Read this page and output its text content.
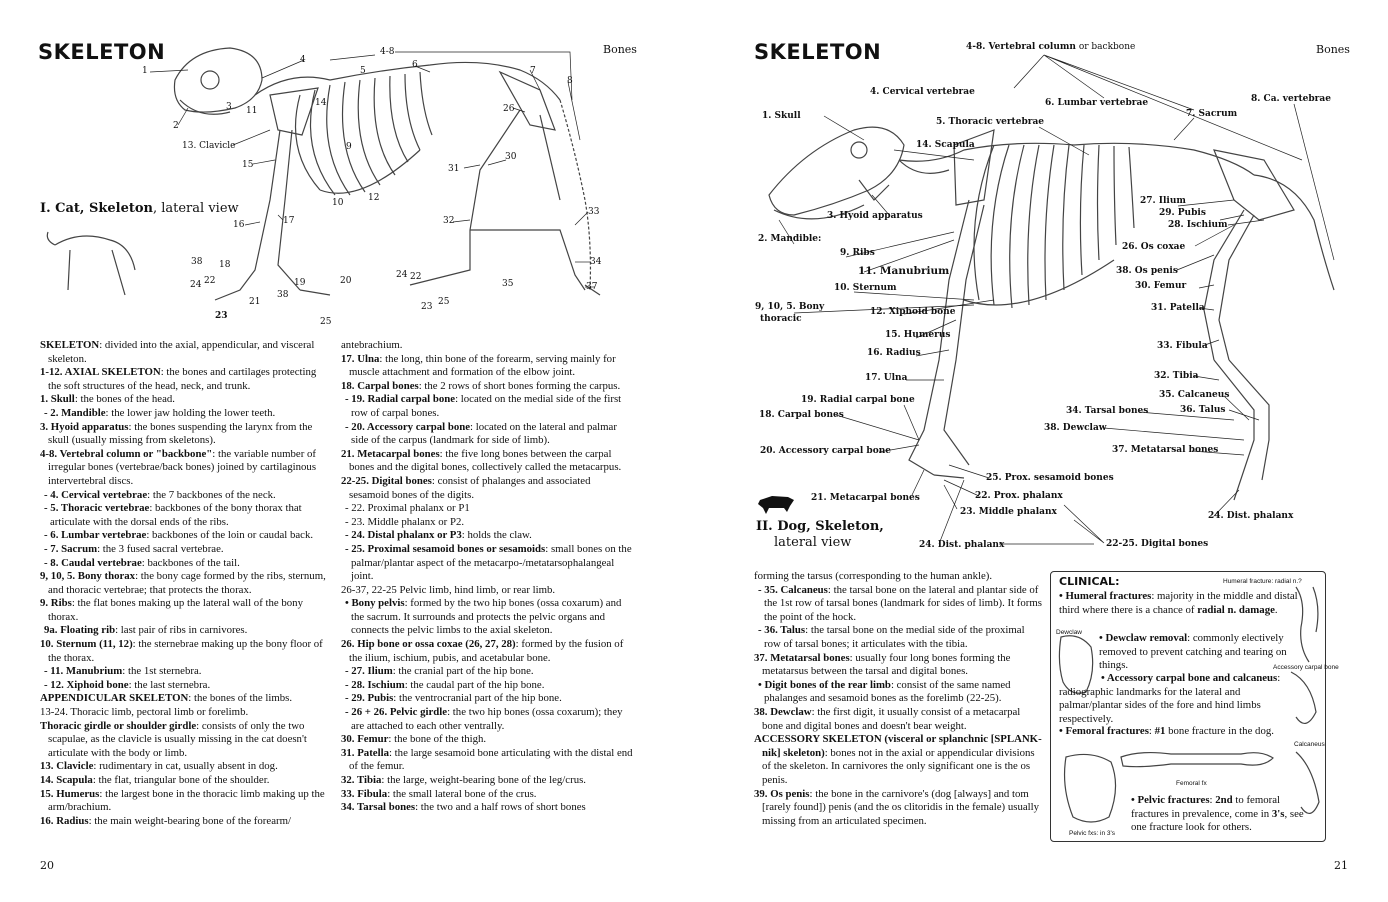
SKELETON	Bones
1
2
3
4
4-8
5
6
7
8
9
10
11
12
13. Clavicle
14
15
16	17
18
19	20
21
22	22
23
23
24
24
25
25
26
30
31
32
33
34
35	37
38
38
I. Cat, Skeleton, lateral view

SKELETON: divided into the axial, appendicular, and visceral skeleton.

1-12. AXIAL SKELETON: the bones and cartilages protecting the soft structures of the head, neck, and trunk.

1. Skull: the bones of the head.

- 2. Mandible: the lower jaw holding the lower teeth.

3. Hyoid apparatus: the bones suspending the larynx from the skull (usually missing from skeletons).

4-8. Vertebral column or "backbone": the variable number of irregular bones (vertebrae/back bones) joined by cartilaginous intervertebral discs.

- 4. Cervical vertebrae: the 7 backbones of the neck.

- 5. Thoracic vertebrae: backbones of the bony thorax that articulate with the dorsal ends of the ribs.

- 6. Lumbar vertebrae: backbones of the loin or caudal back.

- 7. Sacrum: the 3 fused sacral vertebrae.

- 8. Caudal vertebrae: backbones of the tail.

9, 10, 5. Bony thorax: the bony cage formed by the ribs, sternum, and thoracic vertebrae; that protects the thorax.

9. Ribs: the flat bones making up the lateral wall of the bony thorax.

9a. Floating rib: last pair of ribs in carnivores.

10. Sternum (11, 12): the sternebrae making up the bony floor of the thorax.

- 11. Manubrium: the 1st sternebra.

- 12. Xiphoid bone: the last sternebra.

APPENDICULAR SKELETON: the bones of the limbs.

13-24. Thoracic limb, pectoral limb or forelimb.

Thoracic girdle or shoulder girdle: consists of only the two scapulae, as the clavicle is usually missing in the cat doesn't articulate with the body or limb.

13. Clavicle: rudimentary in cat, usually absent in dog.

14. Scapula: the flat, triangular bone of the shoulder.

15. Humerus: the largest bone in the thoracic limb making up the arm/brachium.

16. Radius: the main weight-bearing bone of the forearm/

antebrachium.

17. Ulna: the long, thin bone of the forearm, serving mainly for muscle attachment and formation of the elbow joint.

18. Carpal bones: the 2 rows of short bones forming the carpus.

- 19. Radial carpal bone: located on the medial side of the first row of carpal bones.

- 20. Accessory carpal bone: located on the lateral and palmar side of the carpus (landmark for side of limb).

21. Metacarpal bones: the five long bones between the carpal bones and the digital bones, collectively called the metacarpus.

22-25. Digital bones: consist of phalanges and associated sesamoid bones of the digits.

- 22. Proximal phalanx or P1

- 23. Middle phalanx or P2.

- 24. Distal phalanx or P3: holds the claw.

- 25. Proximal sesamoid bones or sesamoids: small bones on the palmar/plantar aspect of the metacarpo-/metatarsophalangeal joint.

26-37, 22-25 Pelvic limb, hind limb, or rear limb.

• Bony pelvis: formed by the two hip bones (ossa coxarum) and the sacrum. It surrounds and protects the pelvic organs and connects the pelvic limbs to the axial skeleton.

26. Hip bone or ossa coxae (26, 27, 28): formed by the fusion of the ilium, ischium, pubis, and acetabular bone.

- 27. Ilium: the cranial part of the hip bone.

- 28. Ischium: the caudal part of the hip bone.

- 29. Pubis: the ventrocranial part of the hip bone.

- 26 + 26. Pelvic girdle: the two hip bones (ossa coxarum); they are attached to each other ventrally.

30. Femur: the bone of the thigh.

31. Patella: the large sesamoid bone articulating with the distal end of the femur.

32. Tibia: the large, weight-bearing bone of the leg/crus.

33. Fibula: the small lateral bone of the crus.

34. Tarsal bones: the two and a half rows of short bones

20
SKELETON	Bones
4-8. Vertebral column or backbone
4. Cervical vertebrae
6. Lumbar vertebrae	8. Ca. vertebrae
7. Sacrum
1. Skull
5. Thoracic vertebrae
14. Scapula
3. Hyoid apparatus
2. Mandible:
9. Ribs
11. Manubrium
10. Sternum
9, 10, 5. Bony
thoracic
12. Xiphoid bone
15. Humerus
16. Radius
17. Ulna
19. Radial carpal bone
18. Carpal bones
20. Accessory carpal bone
21. Metacarpal bones
27. Ilium
29. Pubis
28. Ischium
26. Os coxae
38. Os penis
30. Femur
31. Patella
33. Fibula
32. Tibia
35. Calcaneus
36. Talus
34. Tarsal bones
38. Dewclaw
37. Metatarsal bones
25. Prox. sesamoid bones
22. Prox. phalanx
23. Middle phalanx
24. Dist. phalanx
24. Dist. phalanx
22-25. Digital bones
II. Dog, Skeleton,
lateral view

forming the tarsus (corresponding to the human ankle).

- 35. Calcaneus: the tarsal bone on the lateral and plantar side of the 1st row of tarsal bones (landmark for sides of limb). It forms the point of the hock.

- 36. Talus: the tarsal bone on the medial side of the proximal row of tarsal bones; it articulates with the tibia.

37. Metatarsal bones: usually four long bones forming the metatarsus between the tarsal and digital bones.

• Digit bones of the rear limb: consist of the same named phalanges and sesamoid bones as the forelimb (22-25).

38. Dewclaw: the first digit, it usually consist of a metacarpal bone and digital bones and doesn't bear weight.

ACCESSORY SKELETON (visceral or splanchnic [SPLANK-nik] skeleton): bones not in the axial or appendicular divisions of the skeleton. In carnivores the only significant one is the os penis.

39. Os penis: the bone in the carnivore's (dog [always] and tom [rarely found]) penis (and the os clitoridis in the female) usually missing from an articulated specimen.

CLINICAL:	Humeral fracture: radial n.?
Dewclaw
Accessory carpal bone
Calcaneus
Femoral fx
Pelvic fxs: in 3's
• Humeral fractures: majority in the middle and distal third where there is a chance of radial n. damage.
• Dewclaw removal: commonly electively removed to prevent catching and tearing on things.
• Accessory carpal bone and calcaneus: radiographic landmarks for the lateral and palmar/plantar sides of the fore and hind limbs respectively.
• Femoral fractures: #1 bone fracture in the dog.
• Pelvic fractures: 2nd to femoral fractures in prevalence, come in 3's, see one fracture look for others.
21
